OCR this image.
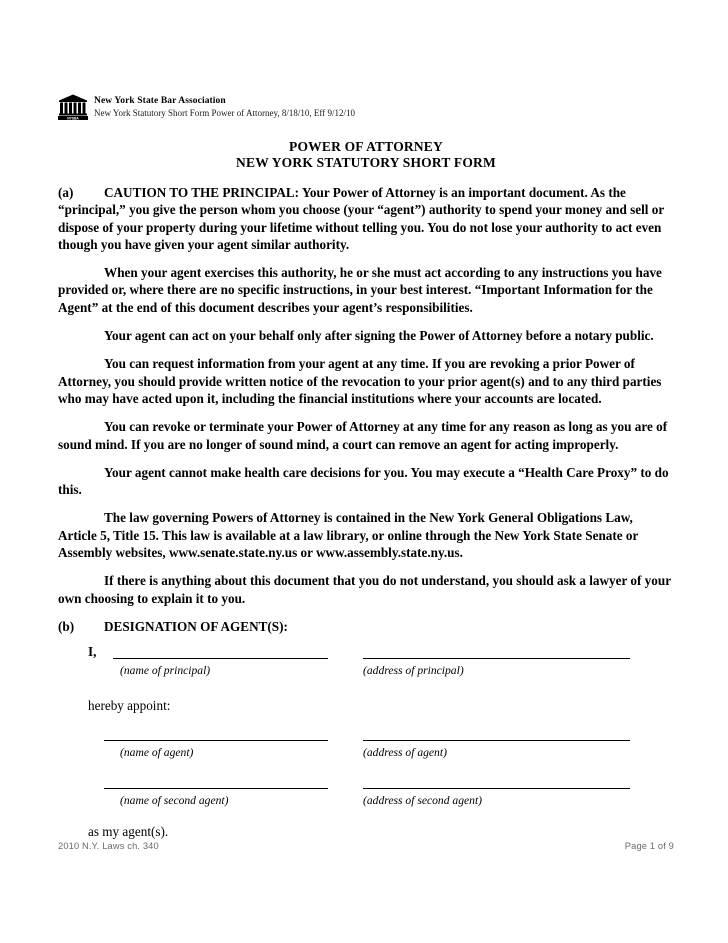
NYSBA
New York State Bar Association
New York Statutory Short Form Power of Attorney, 8/18/10, Eff 9/12/10
POWER OF ATTORNEY
NEW YORK STATUTORY SHORT FORM

(a) CAUTION TO THE PRINCIPAL: Your Power of Attorney is an important document. As the “principal,” you give the person whom you choose (your “agent”) authority to spend your money and sell or dispose of your property during your lifetime without telling you. You do not lose your authority to act even though you have given your agent similar authority.

When your agent exercises this authority, he or she must act according to any instructions you have provided or, where there are no specific instructions, in your best interest. “Important Information for the Agent” at the end of this document describes your agent’s responsibilities.

Your agent can act on your behalf only after signing the Power of Attorney before a notary public.

You can request information from your agent at any time. If you are revoking a prior Power of Attorney, you should provide written notice of the revocation to your prior agent(s) and to any third parties who may have acted upon it, including the financial institutions where your accounts are located.

You can revoke or terminate your Power of Attorney at any time for any reason as long as you are of sound mind. If you are no longer of sound mind, a court can remove an agent for acting improperly.

Your agent cannot make health care decisions for you. You may execute a “Health Care Proxy” to do this.

The law governing Powers of Attorney is contained in the New York General Obligations Law, Article 5, Title 15. This law is available at a law library, or online through the New York State Senate or Assembly websites, www.senate.state.ny.us or www.assembly.state.ny.us.

If there is anything about this document that you do not understand, you should ask a lawyer of your own choosing to explain it to you.

(b) DESIGNATION OF AGENT(S):

I,
(name of principal)	(address of principal)
hereby appoint:
(name of agent)	(address of agent)
(name of second agent)	(address of second agent)
as my agent(s).
2010 N.Y. Laws ch. 340	Page 1 of 9
